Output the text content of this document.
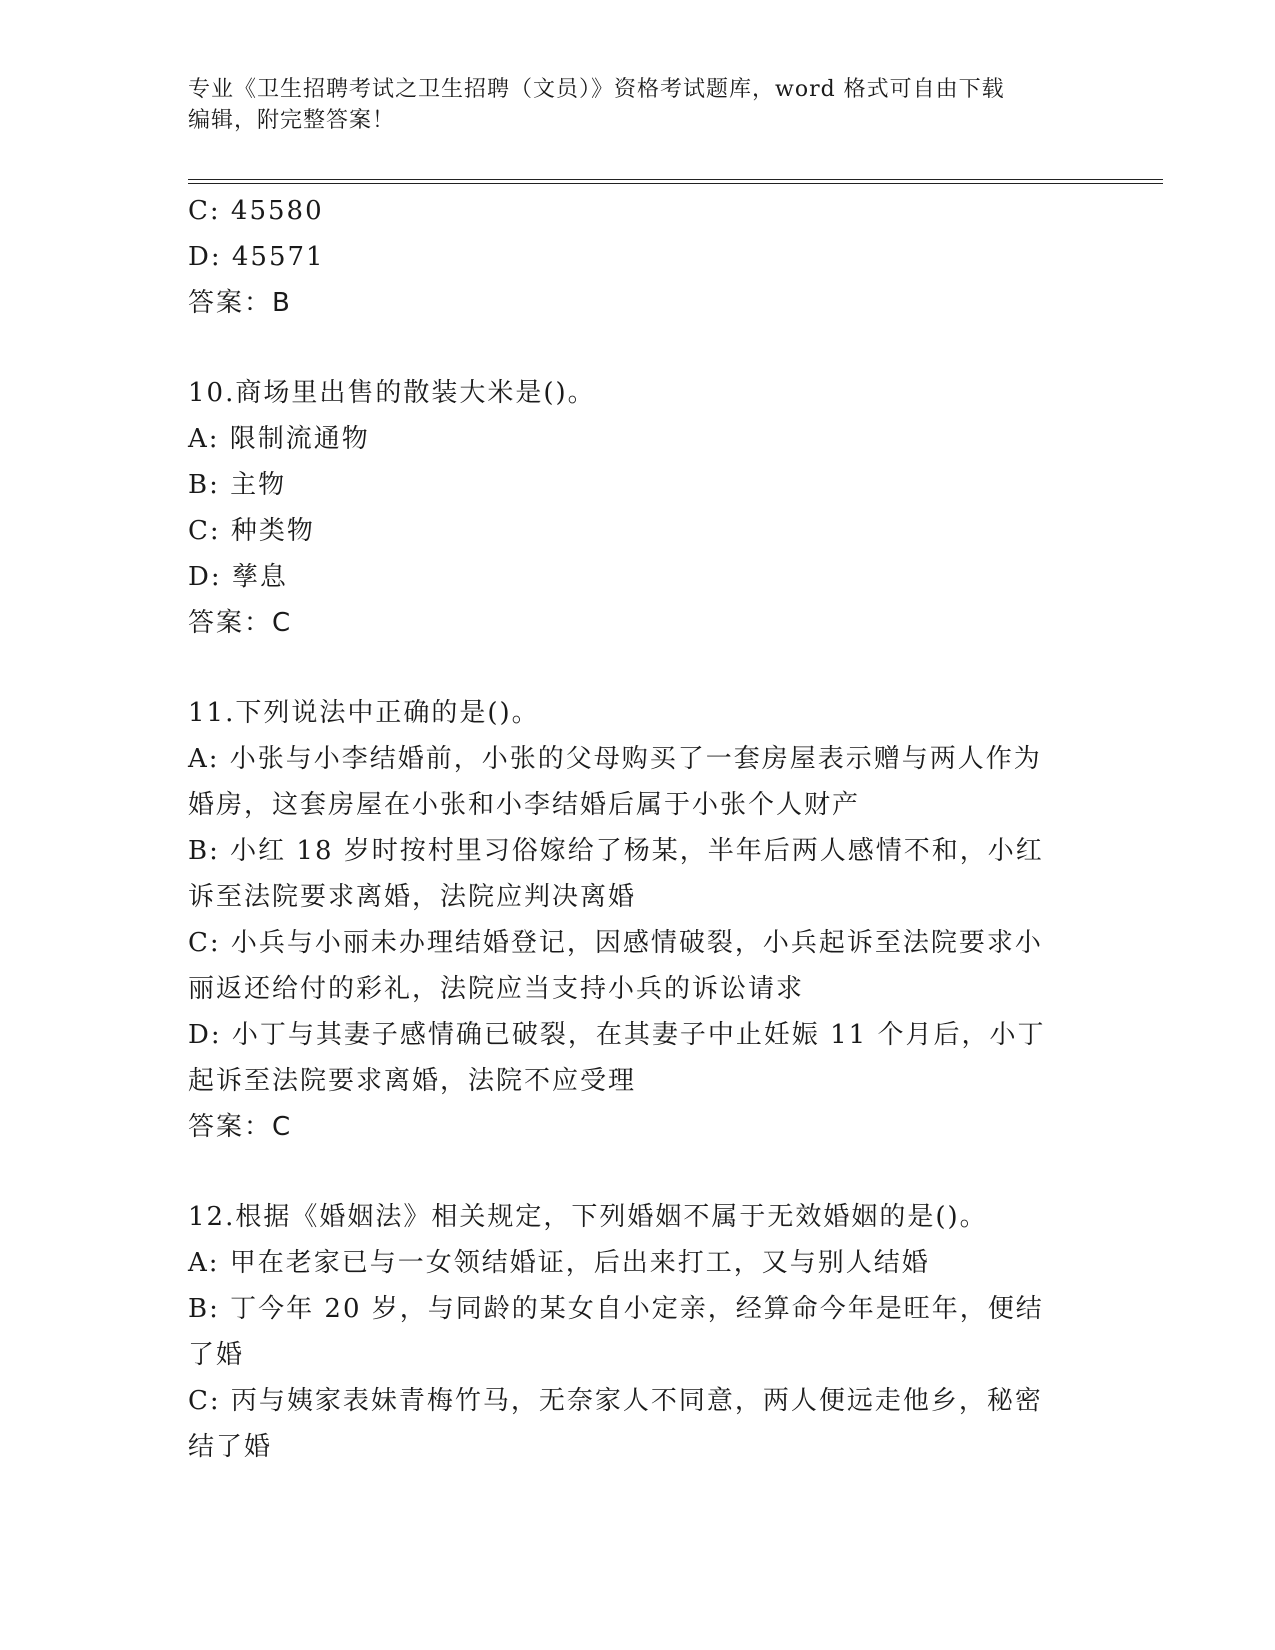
专业《卫生招聘考试之卫生招聘（文员）》资格考试题库，word 格式可自由下载
编辑，附完整答案！
C: 45580
D: 45571
答案：B
10.商场里出售的散装大米是()。
A: 限制流通物
B: 主物
C: 种类物
D: 孳息
答案：C
11.下列说法中正确的是()。
A: 小张与小李结婚前，小张的父母购买了一套房屋表示赠与两人作为
婚房，这套房屋在小张和小李结婚后属于小张个人财产
B: 小红 18 岁时按村里习俗嫁给了杨某，半年后两人感情不和，小红
诉至法院要求离婚，法院应判决离婚
C: 小兵与小丽未办理结婚登记，因感情破裂，小兵起诉至法院要求小
丽返还给付的彩礼，法院应当支持小兵的诉讼请求
D: 小丁与其妻子感情确已破裂，在其妻子中止妊娠 11 个月后，小丁
起诉至法院要求离婚，法院不应受理
答案：C
12.根据《婚姻法》相关规定，下列婚姻不属于无效婚姻的是()。
A: 甲在老家已与一女领结婚证，后出来打工，又与别人结婚
B: 丁今年 20 岁，与同龄的某女自小定亲，经算命今年是旺年，便结
了婚
C: 丙与姨家表妹青梅竹马，无奈家人不同意，两人便远走他乡，秘密
结了婚
